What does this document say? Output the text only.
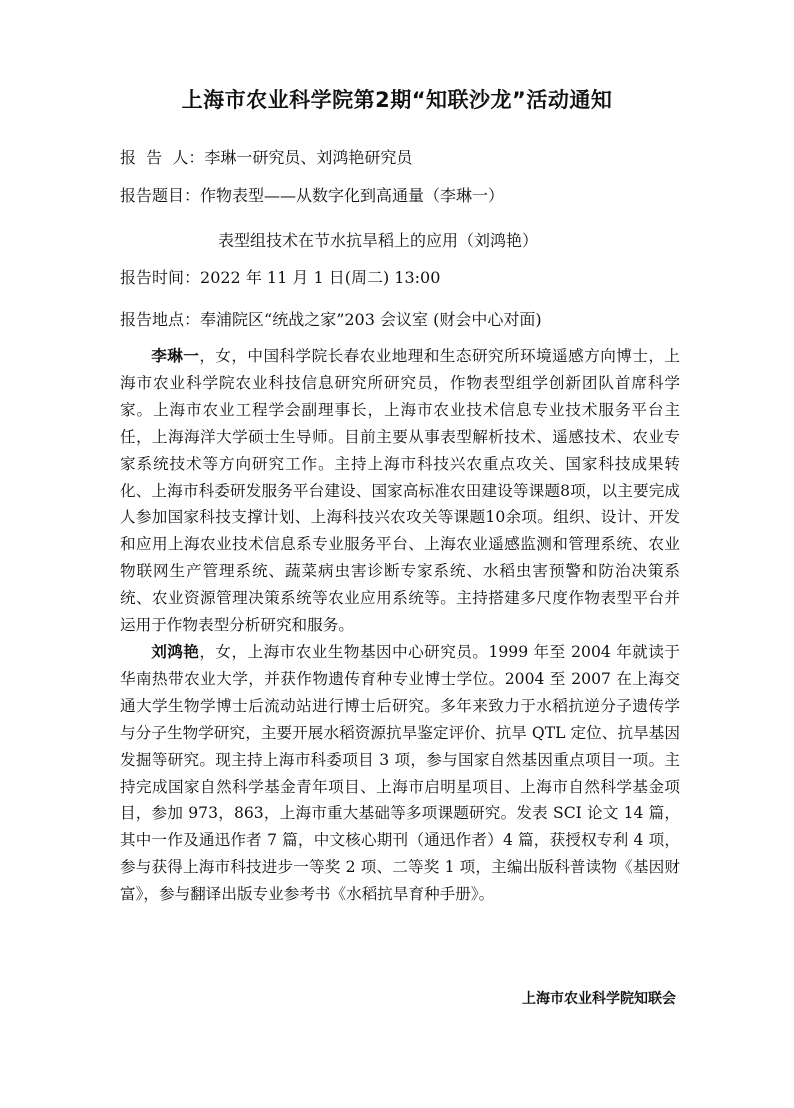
上海市农业科学院第2期“知联沙龙”活动通知
报  告  人：李琳一研究员、刘鸿艳研究员
报告题目：作物表型——从数字化到高通量（李琳一）
表型组技术在节水抗旱稻上的应用（刘鸿艳）
报告时间：2022 年 11 月 1 日(周二) 13:00
报告地点：奉浦院区“统战之家”203 会议室 (财会中心对面)

李琳一，女，中国科学院长春农业地理和生态研究所环境遥感方向博士，上海市农业科学院农业科技信息研究所研究员，作物表型组学创新团队首席科学家。上海市农业工程学会副理事长，上海市农业技术信息专业技术服务平台主任，上海海洋大学硕士生导师。目前主要从事表型解析技术、遥感技术、农业专家系统技术等方向研究工作。主持上海市科技兴农重点攻关、国家科技成果转化、上海市科委研发服务平台建设、国家高标准农田建设等课题8项，以主要完成人参加国家科技支撑计划、上海科技兴农攻关等课题10余项。组织、设计、开发和应用上海农业技术信息系专业服务平台、上海农业遥感监测和管理系统、农业物联网生产管理系统、蔬菜病虫害诊断专家系统、水稻虫害预警和防治决策系统、农业资源管理决策系统等农业应用系统等。主持搭建多尺度作物表型平台并运用于作物表型分析研究和服务。

刘鸿艳，女，上海市农业生物基因中心研究员。1999 年至 2004 年就读于华南热带农业大学，并获作物遗传育种专业博士学位。2004 至 2007 在上海交通大学生物学博士后流动站进行博士后研究。多年来致力于水稻抗逆分子遗传学与分子生物学研究，主要开展水稻资源抗旱鉴定评价、抗旱 QTL 定位、抗旱基因发掘等研究。现主持上海市科委项目 3 项，参与国家自然基因重点项目一项。主持完成国家自然科学基金青年项目、上海市启明星项目、上海市自然科学基金项目，参加 973，863，上海市重大基础等多项课题研究。发表 SCI 论文 14 篇，其中一作及通迅作者 7 篇，中文核心期刊（通迅作者）4 篇，获授权专利 4 项，参与获得上海市科技进步一等奖 2 项、二等奖 1 项，主编出版科普读物《基因财富》，参与翻译出版专业参考书《水稻抗旱育种手册》。

上海市农业科学院知联会
